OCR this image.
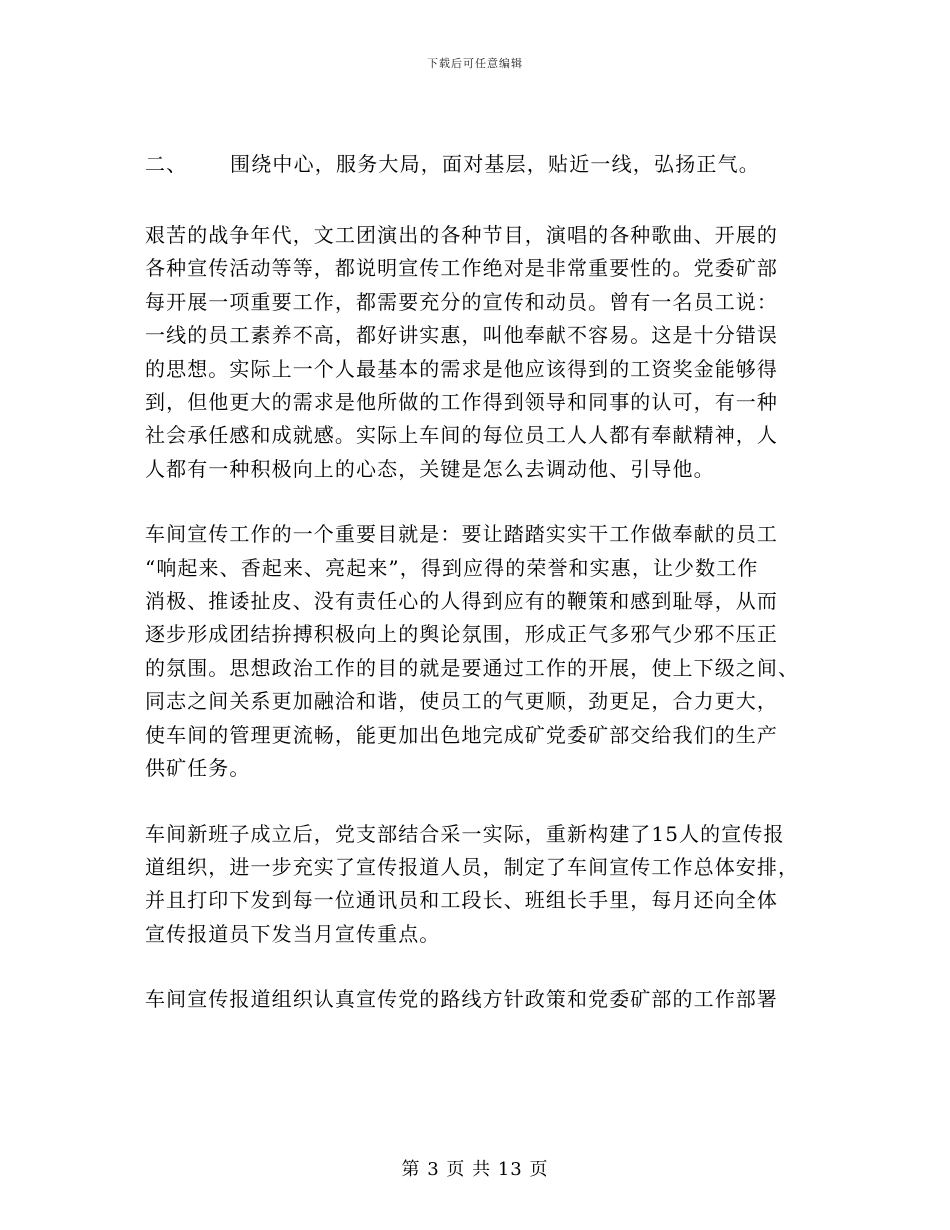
下载后可任意编辑
二、 围绕中心，服务大局，面对基层，贴近一线，弘扬正气。
艰苦的战争年代，文工团演出的各种节目，演唱的各种歌曲、开展的
各种宣传活动等等，都说明宣传工作绝对是非常重要性的。党委矿部
每开展一项重要工作，都需要充分的宣传和动员。曾有一名员工说：
一线的员工素养不高，都好讲实惠，叫他奉献不容易。这是十分错误
的思想。实际上一个人最基本的需求是他应该得到的工资奖金能够得
到，但他更大的需求是他所做的工作得到领导和同事的认可，有一种
社会承任感和成就感。实际上车间的每位员工人人都有奉献精神，人
人都有一种积极向上的心态，关键是怎么去调动他、引导他。
车间宣传工作的一个重要目就是：要让踏踏实实干工作做奉献的员工
“响起来、香起来、亮起来”，得到应得的荣誉和实惠，让少数工作
消极、推诿扯皮、没有责任心的人得到应有的鞭策和感到耻辱，从而
逐步形成团结拚搏积极向上的舆论氛围，形成正气多邪气少邪不压正
的氛围。思想政治工作的目的就是要通过工作的开展，使上下级之间、
同志之间关系更加融洽和谐，使员工的气更顺，劲更足，合力更大，
使车间的管理更流畅，能更加出色地完成矿党委矿部交给我们的生产
供矿任务。
车间新班子成立后，党支部结合采一实际，重新构建了15人的宣传报
道组织，进一步充实了宣传报道人员，制定了车间宣传工作总体安排，
并且打印下发到每一位通讯员和工段长、班组长手里，每月还向全体
宣传报道员下发当月宣传重点。
车间宣传报道组织认真宣传党的路线方针政策和党委矿部的工作部署
第 3 页 共 13 页
